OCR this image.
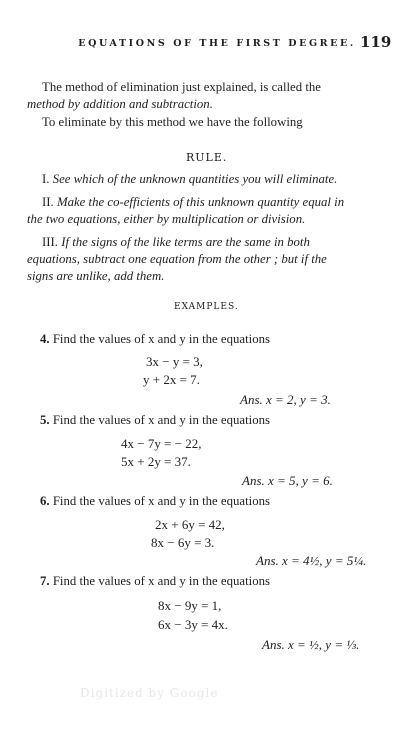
EQUATIONS OF THE FIRST DEGREE. 119
The method of elimination just explained, is called the
method by addition and subtraction.
To eliminate by this method we have the following
RULE.
I. See which of the unknown quantities you will eliminate.
II. Make the co-efficients of this unknown quantity equal in
the two equations, either by multiplication or division.
III. If the signs of the like terms are the same in both
equations, subtract one equation from the other ; but if the
signs are unlike, add them.
EXAMPLES.
4. Find the values of x and y in the equations
3x − y = 3,
y + 2x = 7.
Ans. x = 2, y = 3.
5. Find the values of x and y in the equations
4x − 7y = − 22,
5x + 2y = 37.
Ans. x = 5, y = 6.
6. Find the values of x and y in the equations
2x + 6y = 42,
8x − 6y = 3.
Ans. x = 4½, y = 5¼.
7. Find the values of x and y in the equations
8x − 9y = 1,
6x − 3y = 4x.
Ans. x = ½, y = ⅓.
Digitized by Google
